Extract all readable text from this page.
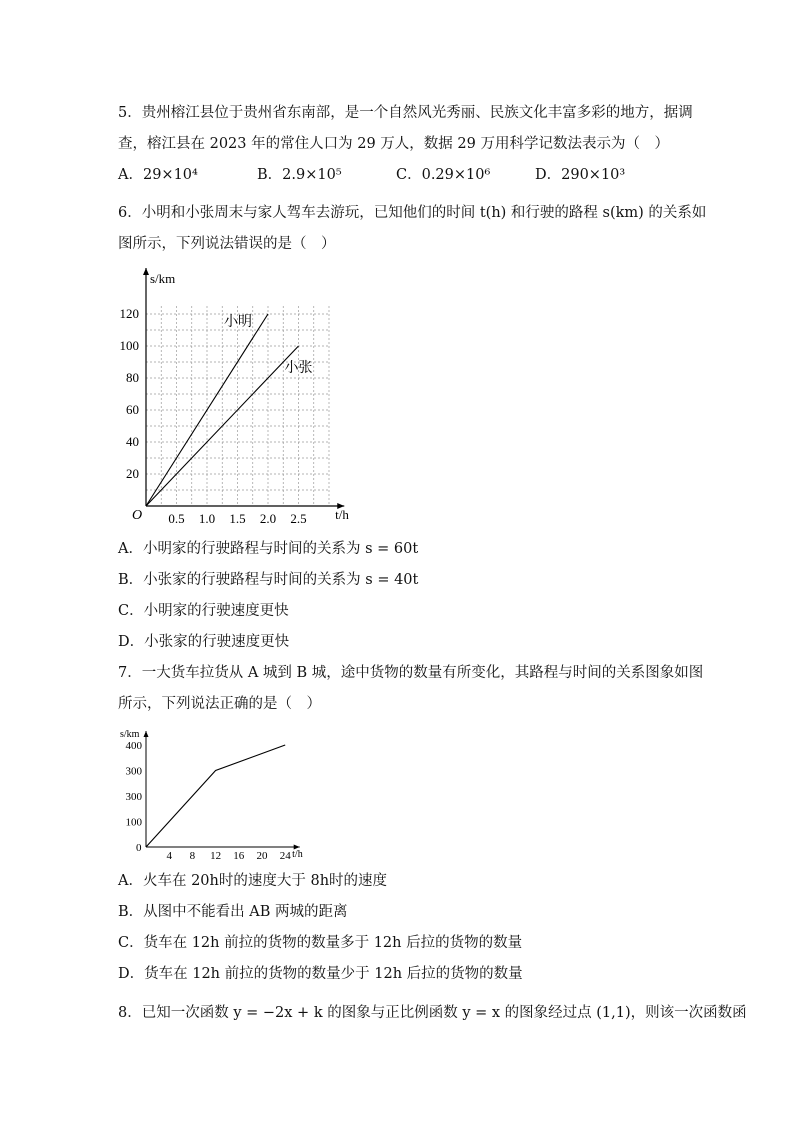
5．贵州榕江县位于贵州省东南部，是一个自然风光秀丽、民族文化丰富多彩的地方，据调
查，榕江县在 2023 年的常住人口为 29 万人，数据 29 万用科学记数法表示为（　）
A．29×10⁴	B．2.9×10⁵	C．0.29×10⁶	D．290×10³
6．小明和小张周末与家人驾车去游玩，已知他们的时间 t(h) 和行驶的路程 s(km) 的关系如
图所示，下列说法错误的是（　）
s/km
t/h
O 0.5 1.0 1.5 2.0 2.5
20
40
60
80
100
120
小明
小张
A．小明家的行驶路程与时间的关系为 s = 60t
B．小张家的行驶路程与时间的关系为 s = 40t
C．小明家的行驶速度更快
D．小张家的行驶速度更快
7．一大货车拉货从 A 城到 B 城，途中货物的数量有所变化，其路程与时间的关系图象如图
所示，下列说法正确的是（　）
s/km
t/h
0
4 8 12 16 20 24
100
300
300
400
A．火车在 20h时的速度大于 8h时的速度
B．从图中不能看出 AB 两城的距离
C．货车在 12h 前拉的货物的数量多于 12h 后拉的货物的数量
D．货车在 12h 前拉的货物的数量少于 12h 后拉的货物的数量
8．已知一次函数 y = −2x + k 的图象与正比例函数 y = x 的图象经过点 (1,1)，则该一次函数函
